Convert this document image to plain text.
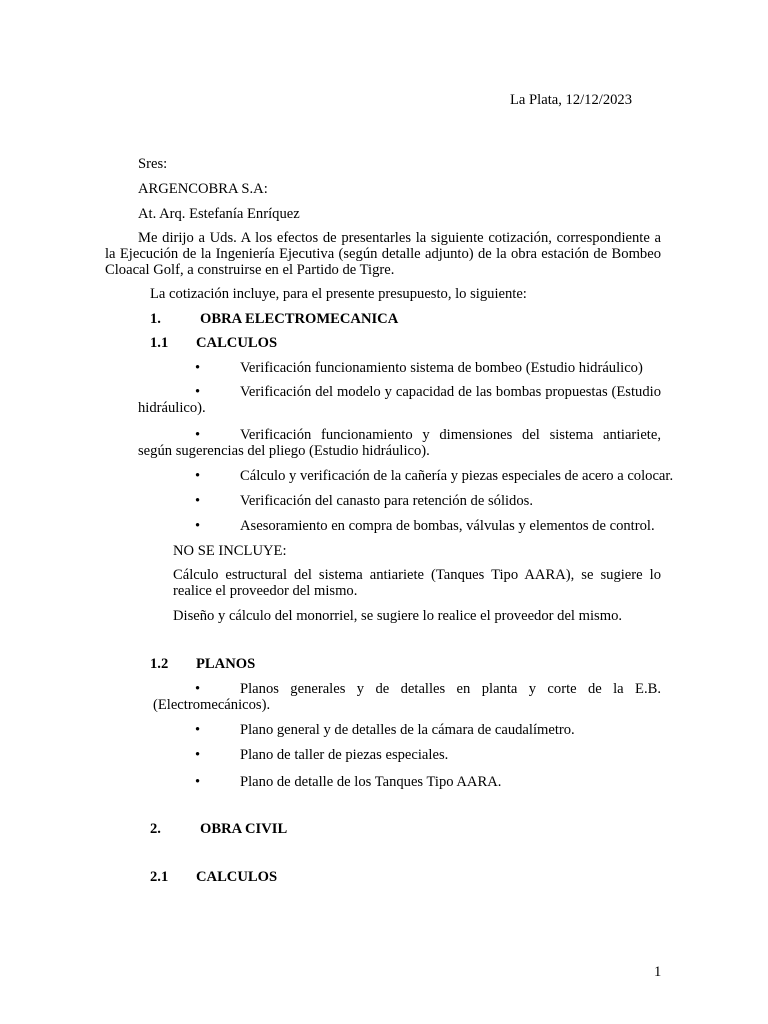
La Plata, 12/12/2023
Sres:
ARGENCOBRA S.A:
At. Arq. Estefanía Enríquez
Me dirijo a Uds. A los efectos de presentarles la siguiente cotización, correspondiente a la Ejecución de la Ingeniería Ejecutiva (según detalle adjunto) de la obra estación de Bombeo Cloacal Golf, a construirse en el Partido de Tigre.
La cotización incluye, para el presente presupuesto, lo siguiente:
1.	OBRA ELECTROMECANICA
1.1 CALCULOS
•	Verificación funcionamiento sistema de bombeo (Estudio hidráulico)
Verificación del modelo y capacidad de las bombas propuestas (Estudio hidráulico).
•
Verificación funcionamiento y dimensiones del sistema antiariete, según sugerencias del pliego (Estudio hidráulico).
•
•	Cálculo y verificación de la cañería y piezas especiales de acero a colocar.
•	Verificación del canasto para retención de sólidos.
•	Asesoramiento en compra de bombas, válvulas y elementos de control.
NO SE INCLUYE:
Cálculo estructural del sistema antiariete (Tanques Tipo AARA), se sugiere lo realice el proveedor del mismo.
Diseño y cálculo del monorriel, se sugiere lo realice el proveedor del mismo.
1.2 PLANOS
Planos generales y de detalles en planta y corte de la E.B. (Electromecánicos).
•
•	Plano general y de detalles de la cámara de caudalímetro.
•	Plano de taller de piezas especiales.
•	Plano de detalle de los Tanques Tipo AARA.
2.	OBRA CIVIL
2.1 CALCULOS
1
